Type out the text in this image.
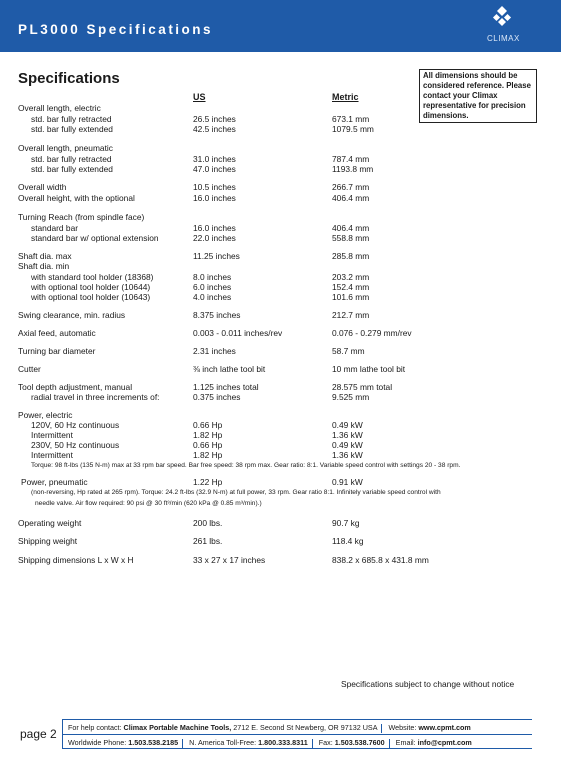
PL3000 Specifications
CLIMAX
Specifications
US	Metric
All dimensions should be considered reference. Please contact your Climax representative for precision dimensions.
Overall length, electric
std. bar fully retracted	26.5 inches	673.1 mm
std. bar fully extended	42.5 inches	1079.5 mm
Overall length, pneumatic
std. bar fully retracted	31.0 inches	787.4 mm
std. bar fully extended	47.0 inches	1193.8 mm
Overall width	10.5 inches	266.7 mm
Overall height, with the optional	16.0 inches	406.4 mm
Turning Reach (from spindle face)
standard bar	16.0 inches	406.4 mm
standard bar w/ optional extension	22.0 inches	558.8 mm
Shaft dia. max	11.25 inches	285.8 mm
Shaft dia. min
with standard tool holder (18368)	8.0 inches	203.2 mm
with optional tool holder (10644)	6.0 inches	152.4 mm
with optional tool holder (10643)	4.0 inches	101.6 mm
Swing clearance, min. radius	8.375 inches	212.7 mm
Axial feed, automatic	0.003 - 0.011 inches/rev	0.076 - 0.279 mm/rev
Turning bar diameter	2.31 inches	58.7 mm
Cutter	⅜ inch lathe tool bit	10 mm lathe tool bit
Tool depth adjustment, manual	1.125 inches total	28.575 mm total
radial travel in three increments of:	0.375 inches	9.525 mm
Power, electric
120V, 60 Hz continuous	0.66 Hp	0.49 kW
Intermittent	1.82 Hp	1.36 kW
230V, 50 Hz continuous	0.66 Hp	0.49 kW
Intermittent	1.82 Hp	1.36 kW
Power, pneumatic	1.22 Hp	0.91 kW
Operating weight	200 lbs.	90.7 kg
Shipping weight	261 lbs.	118.4 kg
Shipping dimensions L x W x H	33 x 27 x 17 inches	838.2 x 685.8 x 431.8 mm
Torque: 98 ft-lbs (135 N-m) max at 33 rpm bar speed. Bar free speed: 38 rpm max. Gear ratio: 8:1. Variable speed control with settings 20 - 38 rpm.
(non-reversing, Hp rated at 265 rpm). Torque: 24.2 ft-lbs (32.9 N-m) at full power, 33 rpm. Gear ratio 8:1. Infinitely variable speed control with
needle valve. Air flow required: 90 psi @ 30 ft³/min (620 kPa @ 0.85 m³/min).)
Specifications subject to change without notice
page 2 For help contact: Climax Portable Machine Tools, 2712 E. Second St Newberg, OR 97132 USA Website: www.cpmt.com
Worldwide Phone: 1.503.538.2185 N. America Toll-Free: 1.800.333.8311 Fax: 1.503.538.7600 Email: info@cpmt.com
